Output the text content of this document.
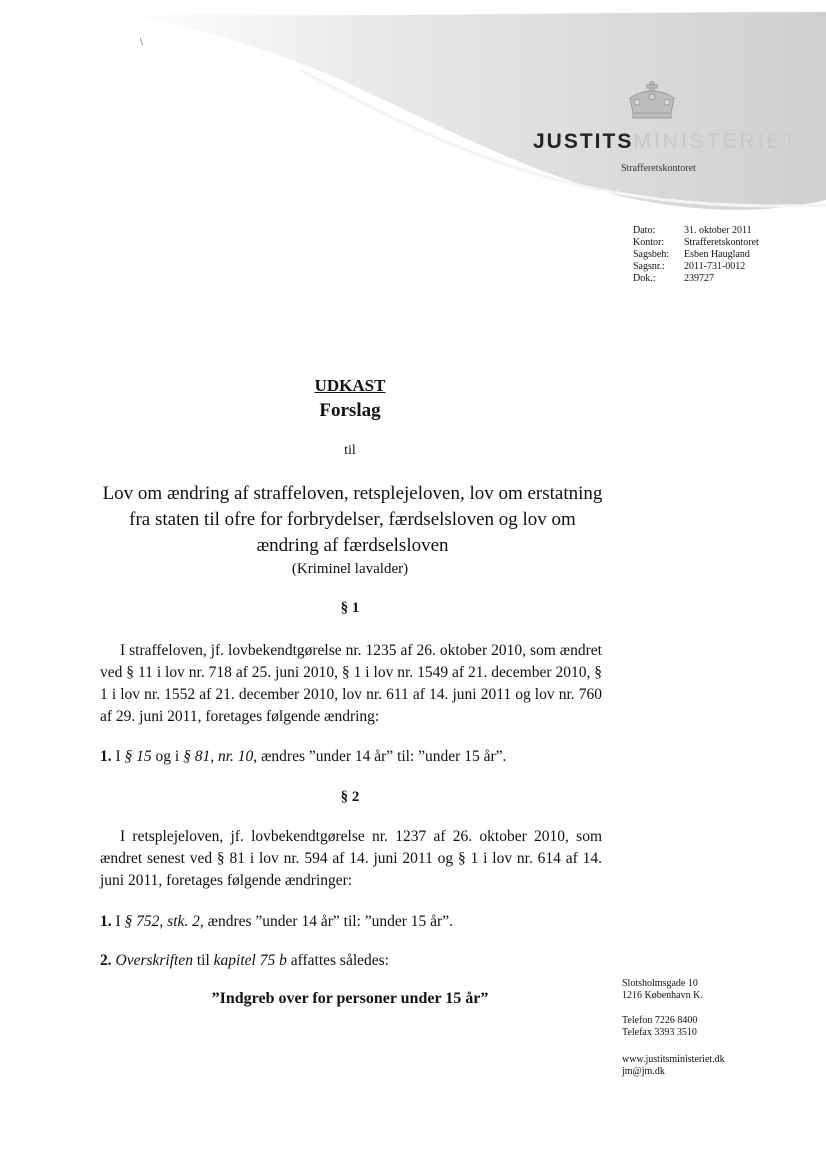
\
JUSTITSMINISTERIET
Strafferetskontoret
Dato:	31. oktober 2011
Kontor:	Strafferetskontoret
Sagsbeh:	Esben Haugland
Sagsnr.:	2011-731-0012
Dok.:	239727
UDKAST
Forslag
til
Lov om ændring af straffeloven, retsplejeloven, lov om erstatning fra staten til ofre for forbrydelser, færdselsloven og lov om ændring af færdselsloven
(Kriminel lavalder)
§ 1
I straffeloven, jf. lovbekendtgørelse nr. 1235 af 26. oktober 2010, som ændret ved § 11 i lov nr. 718 af 25. juni 2010, § 1 i lov nr. 1549 af 21. december 2010, § 1 i lov nr. 1552 af 21. december 2010, lov nr. 611 af 14. juni 2011 og lov nr. 760 af 29. juni 2011, foretages følgende ændring:
1. I § 15 og i § 81, nr. 10, ændres ”under 14 år” til: ”under 15 år”.
§ 2
I retsplejeloven, jf. lovbekendtgørelse nr. 1237 af 26. oktober 2010, som ændret senest ved § 81 i lov nr. 594 af 14. juni 2011 og § 1 i lov nr. 614 af 14. juni 2011, foretages følgende ændringer:
1. I § 752, stk. 2, ændres ”under 14 år” til: ”under 15 år”.
2. Overskriften til kapitel 75 b affattes således:
”Indgreb over for personer under 15 år”
Slotsholmsgade 10
1216 København K.
Telefon 7226 8400
Telefax 3393 3510
www.justitsministeriet.dk
jm@jm.dk
